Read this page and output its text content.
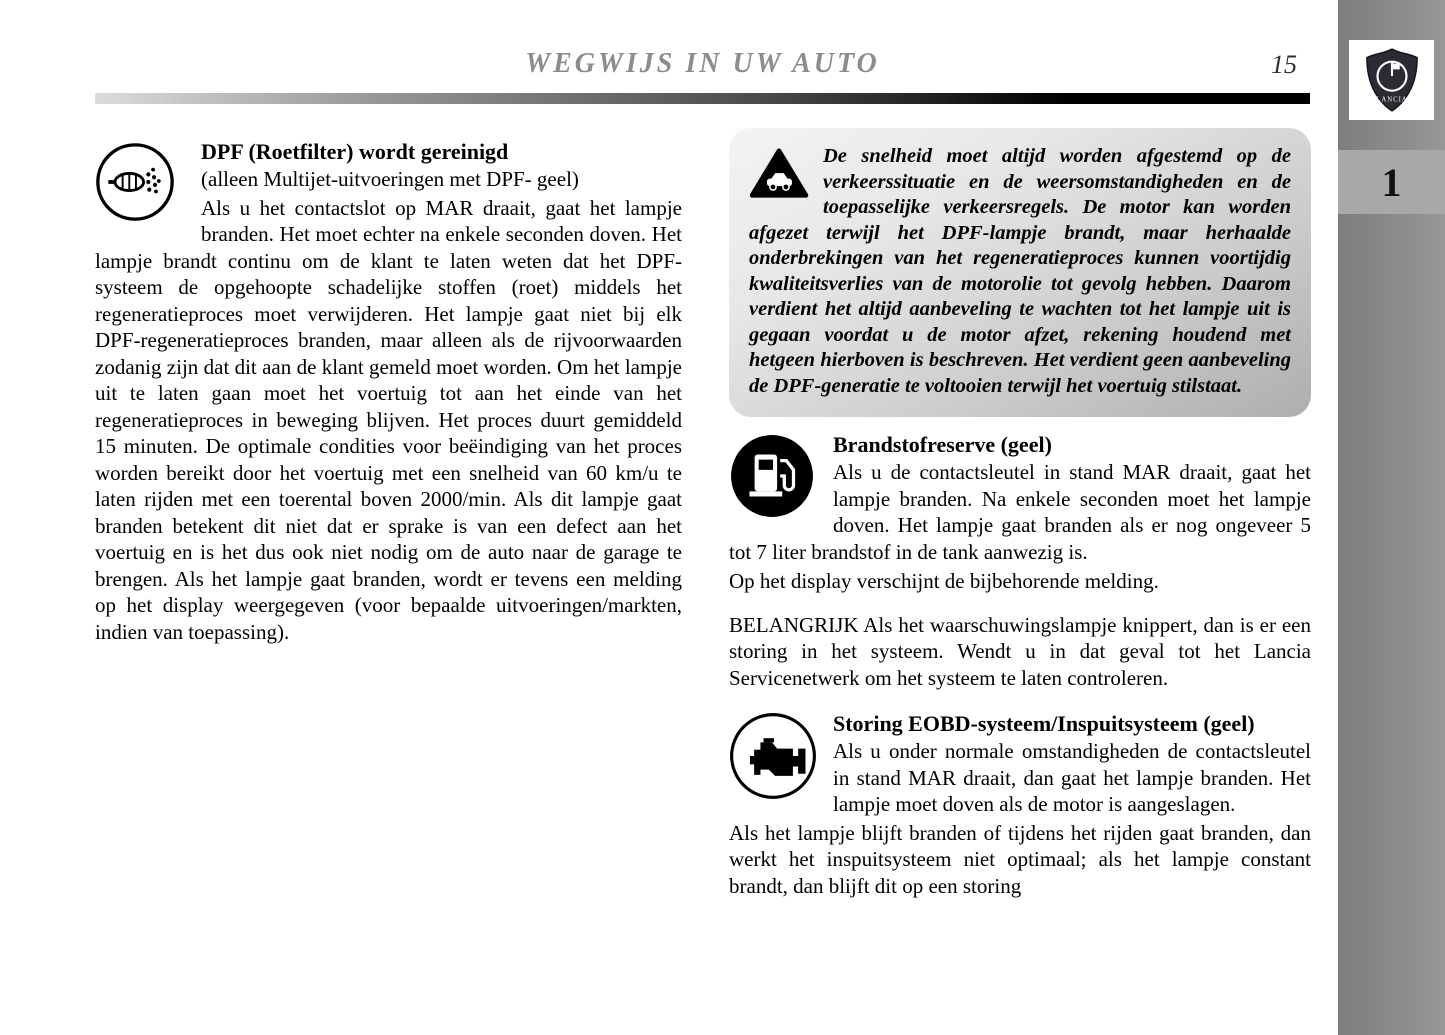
WEGWIJS IN UW AUTO	15
LANCIA
1
DPF (Roetfilter) wordt gereinigd
(alleen Multijet-uitvoeringen met DPF- geel)

Als u het contactslot op MAR draait, gaat het lampje branden. Het moet echter na enkele seconden doven. Het lampje brandt continu om de klant te laten weten dat het DPF-systeem de opgehoopte schadelijke stoffen (roet) middels het regeneratieproces moet verwijderen. Het lampje gaat niet bij elk DPF-regeneratieproces branden, maar alleen als de rijvoorwaarden zodanig zijn dat dit aan de klant gemeld moet worden. Om het lampje uit te laten gaan moet het voertuig tot aan het einde van het regeneratieproces in beweging blijven. Het proces duurt gemiddeld 15 minuten. De optimale condities voor beëindiging van het proces worden bereikt door het voertuig met een snelheid van 60 km/u te laten rijden met een toerental boven 2000/min. Als dit lampje gaat branden betekent dit niet dat er sprake is van een defect aan het voertuig en is het dus ook niet nodig om de auto naar de garage te brengen. Als het lampje gaat branden, wordt er tevens een melding op het display weergegeven (voor bepaalde uitvoeringen/markten, indien van toepassing).

De snelheid moet altijd worden afgestemd op de verkeerssituatie en de weersomstandigheden en de toepasselijke verkeersregels. De motor kan worden afgezet terwijl het DPF-lampje brandt, maar herhaalde onderbrekingen van het regeneratieproces kunnen voortijdig kwaliteitsverlies van de motorolie tot gevolg hebben. Daarom verdient het altijd aanbeveling te wachten tot het lampje uit is gegaan voordat u de motor afzet, rekening houdend met hetgeen hierboven is beschreven. Het verdient geen aanbeveling de DPF-generatie te voltooien terwijl het voertuig stilstaat.

Brandstofreserve (geel)

Als u de contactsleutel in stand MAR draait, gaat het lampje branden. Na enkele seconden moet het lampje doven. Het lampje gaat branden als er nog ongeveer 5 tot 7 liter brandstof in de tank aanwezig is.

Op het display verschijnt de bijbehorende melding.

BELANGRIJK Als het waarschuwingslampje knippert, dan is er een storing in het systeem. Wendt u in dat geval tot het Lancia Servicenetwerk om het systeem te laten controleren.

Storing EOBD-systeem/Inspuitsysteem (geel)

Als u onder normale omstandigheden de contactsleutel in stand MAR draait, dan gaat het lampje branden. Het lampje moet doven als de motor is aangeslagen.

Als het lampje blijft branden of tijdens het rijden gaat branden, dan werkt het inspuitsysteem niet optimaal; als het lampje constant brandt, dan blijft dit op een storing
